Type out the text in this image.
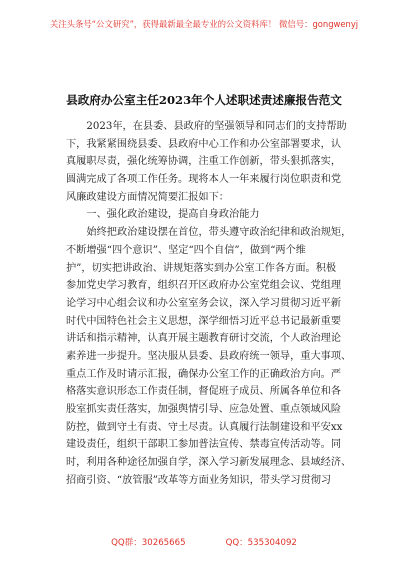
关注头条号“公文研究”，获得最新最全最专业的公文资料库！ 微信号：gongwenyj
县政府办公室主任2023年个人述职述责述廉报告范文
2023年，在县委、县政府的坚强领导和同志们的支持帮助
下，我紧紧围绕县委、县政府中心工作和办公室部署要求，认
真履职尽责，强化统筹协调，注重工作创新，带头狠抓落实，
圆满完成了各项工作任务。现将本人一年来履行岗位职责和党
风廉政建设方面情况简要汇报如下：
一、强化政治建设，提高自身政治能力
始终把政治建设摆在首位，带头遵守政治纪律和政治规矩，
不断增强“四个意识”、坚定“四个自信”，做到“两个维
护”，切实把讲政治、讲规矩落实到办公室工作各方面。积极
参加党史学习教育，组织召开区政府办公室党组会议、党组理
论学习中心组会议和办公室室务会议，深入学习贯彻习近平新
时代中国特色社会主义思想，深学细悟习近平总书记最新重要
讲话和指示精神，认真开展主题教育研讨交流，个人政治理论
素养进一步提升。坚决服从县委、县政府统一领导，重大事项、
重点工作及时请示汇报，确保办公室工作的正确政治方向。严
格落实意识形态工作责任制，督促班子成员、所属各单位和各
股室抓实责任落实，加强舆情引导、应急处置、重点领域风险
防控，做到守土有责、守土尽责。认真履行法制建设和平安xx
建设责任，组织干部职工参加普法宣传、禁毒宣传活动等。同
时，利用各种途径加强自学，深入学习新发展理念、县域经济、
招商引资、“放管服”改革等方面业务知识，带头学习贯彻习
QQ群：30265665	QQ：535304092
